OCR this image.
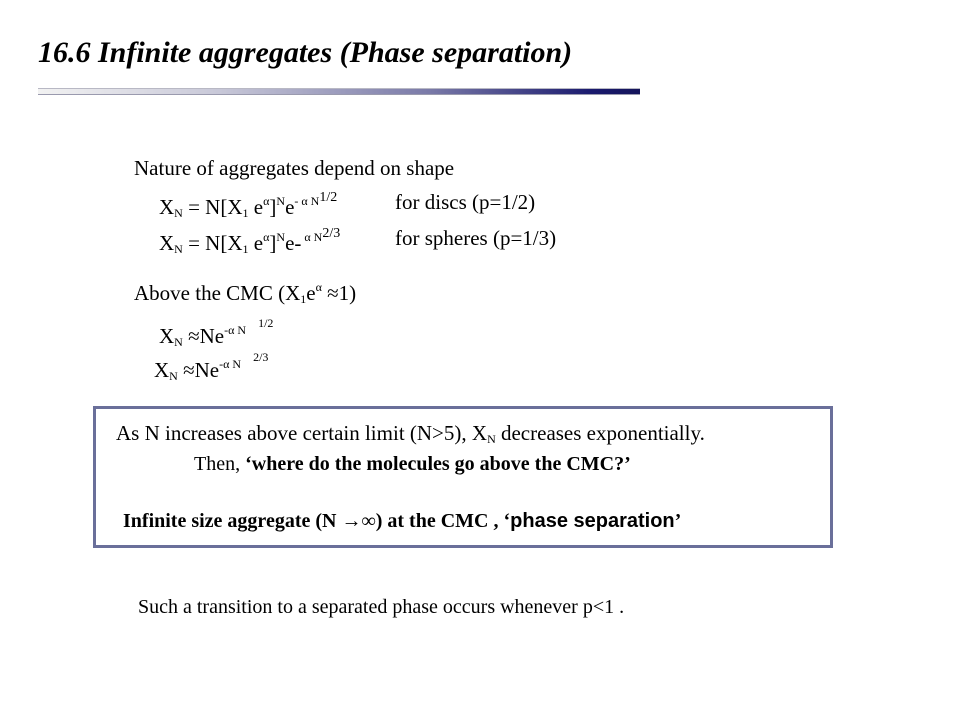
16.6 Infinite aggregates (Phase separation)
Nature of aggregates depend on shape
$X_N = N[X_1$ $e^\alpha]^Ne^{- \alpha N1/2}$	for discs (p=1/2)
$X_N = N[X_1$ $e^\alpha]^Ne-$ $^{\alpha N2/3}$	for spheres (p=1/3)
Above the CMC $(X_1e^\alpha \approx 1)$
$X_N \approx Ne^{-\alpha N}$ $^{1/2}$
$X_N \approx Ne^{-\alpha N}$ $^{2/3}$
As N increases above certain limit (N>5), $X_N$ decreases exponentially.
Then, ‘where do the molecules go above the CMC?’
Infinite size aggregate (N →∞) at the CMC , ‘phase separation’
Such a transition to a separated phase occurs whenever p<1 .
